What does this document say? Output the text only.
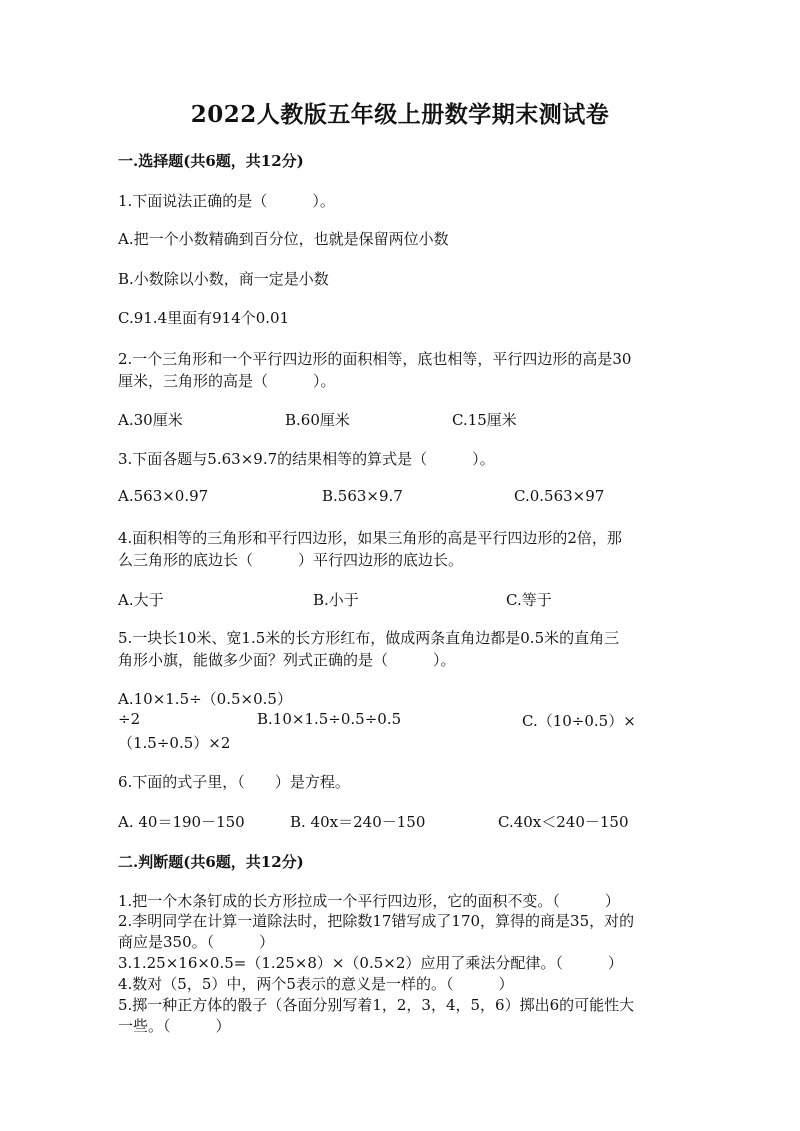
2022人教版五年级上册数学期末测试卷
一.选择题(共6题，共12分)
1.下面说法正确的是（　　　）。
A.把一个小数精确到百分位，也就是保留两位小数
B.小数除以小数，商一定是小数
C.91.4里面有914个0.01
2.一个三角形和一个平行四边形的面积相等，底也相等，平行四边形的高是30
厘米，三角形的高是（　　　）。
A.30厘米	B.60厘米	C.15厘米
3.下面各题与5.63×9.7的结果相等的算式是（　　　）。
A.563×0.97	B.563×9.7	C.0.563×97
4.面积相等的三角形和平行四边形，如果三角形的高是平行四边形的2倍，那
么三角形的底边长（　　　）平行四边形的底边长。
A.大于	B.小于	C.等于
5.一块长10米、宽1.5米的长方形红布，做成两条直角边都是0.5米的直角三
角形小旗，能做多少面？列式正确的是（　　　）。
A.10×1.5÷（0.5×0.5）
÷2	B.10×1.5÷0.5÷0.5	C.（10÷0.5）×
（1.5÷0.5）×2
6.下面的式子里，（　　）是方程。
A. 40＝190－150	B. 40x＝240－150	C.40x＜240－150
二.判断题(共6题，共12分)
1.把一个木条钉成的长方形拉成一个平行四边形，它的面积不变。（　　　）
2.李明同学在计算一道除法时，把除数17错写成了170，算得的商是35，对的
商应是350。（　　　）
3.1.25×16×0.5=（1.25×8）×（0.5×2）应用了乘法分配律。（　　　）
4.数对（5，5）中，两个5表示的意义是一样的。（　　　）
5.掷一种正方体的骰子（各面分别写着1，2，3，4，5，6）掷出6的可能性大
一些。（　　　）
